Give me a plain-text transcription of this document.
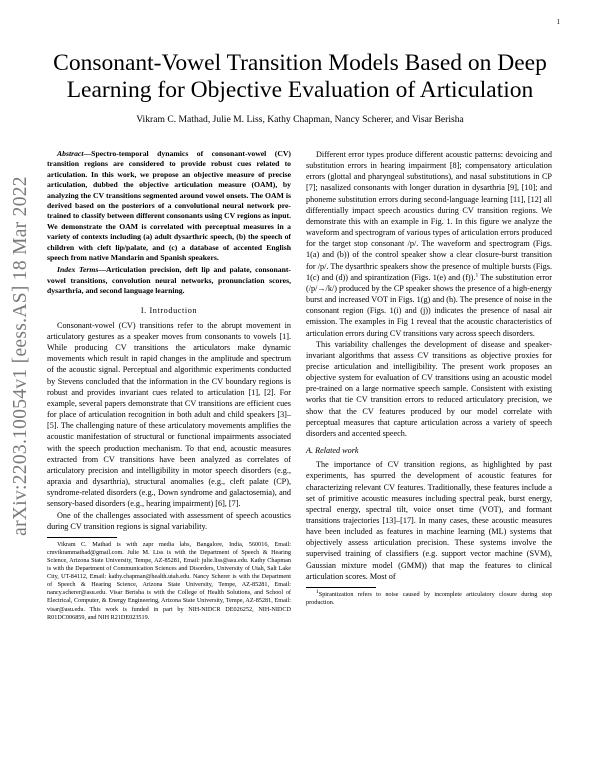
1
arXiv:2203.10054v1 [eess.AS] 18 Mar 2022
Consonant-Vowel Transition Models Based on Deep Learning for Objective Evaluation of Articulation
Vikram C. Mathad, Julie M. Liss, Kathy Chapman, Nancy Scherer, and Visar Berisha

Abstract—Spectro-temporal dynamics of consonant-vowel (CV) transition regions are considered to provide robust cues related to articulation. In this work, we propose an objective measure of precise articulation, dubbed the objective articulation measure (OAM), by analyzing the CV transitions segmented around vowel onsets. The OAM is derived based on the posteriors of a convolutional neural network pre-trained to classify between different consonants using CV regions as input. We demonstrate the OAM is correlated with perceptual measures in a variety of contexts including (a) adult dysarthric speech, (b) the speech of children with cleft lip/palate, and (c) a database of accented English speech from native Mandarin and Spanish speakers.

Index Terms—Articulation precision, deft lip and palate, consonant-vowel transitions, convolution neural networks, pronunciation scores, dysarthria, and second language learning.

I. Introduction

Consonant-vowel (CV) transitions refer to the abrupt movement in articulatory gestures as a speaker moves from consonants to vowels [1]. While producing CV transitions the articulators make dynamic movements which result in rapid changes in the amplitude and spectrum of the acoustic signal. Perceptual and algorithmic experiments conducted by Stevens concluded that the information in the CV boundary regions is robust and provides invariant cues related to articulation [1], [2]. For example, several papers demonstrate that CV transitions are efficient cues for place of articulation recognition in both adult and child speakers [3]–[5]. The challenging nature of these articulatory movements amplifies the acoustic manifestation of structural or functional impairments associated with the speech production mechanism. To that end, acoustic measures extracted from CV transitions have been analyzed as correlates of articulatory precision and intelligibility in motor speech disorders (e.g., apraxia and dysarthria), structural anomalies (e.g., cleft palate (CP), syndrome-related disorders (e.g., Down syndrome and galactosemia), and sensory-based disorders (e.g., hearing impairment) [6], [7].

One of the challenges associated with assessment of speech acoustics during CV transition regions is signal variability.

Vikram C. Mathad is with zapr media labs, Bangalore, India, 560016, Email: cmvikrammathad@gmail.com. Julie M. Liss is with the Department of Speech & Hearing Science, Arizona State University, Tempe, AZ-85281, Email: julie.liss@asu.edu. Kathy Chapman is with the Department of Communication Sciences and Disorders, University of Utah, Salt Lake City, UT-84112, Email: kathy.chapman@health.utah.edu. Nancy Scherer is with the Department of Speech & Hearing Science, Arizona State University, Tempe, AZ-85281, Email: nancy.scherer@asu.edu. Visar Berisha is with the College of Health Solutions, and School of Electrical, Computer, & Energy Engineering, Arizona State University, Tempe, AZ-85281, Email: visar@asu.edu. This work is funded in part by NIH-NIDCR DE026252, NIH-NIDCD R01DC006859, and NIH R21DE023519.

Different error types produce different acoustic patterns: devoicing and substitution errors in hearing impairment [8]; compensatory articulation errors (glottal and pharyngeal substitutions), and nasal substitutions in CP [7]; nasalized consonants with longer duration in dysarthria [9], [10]; and phoneme substitution errors during second-language learning [11], [12] all differentially impact speech acoustics during CV transition regions. We demonstrate this with an example in Fig. 1. In this figure we analyze the waveform and spectrogram of various types of articulation errors produced for the target stop consonant /p/. The waveform and spectrogram (Figs. 1(a) and (b)) of the control speaker show a clear closure-burst transition for /p/. The dysarthric speakers show the presence of multiple bursts (Figs. 1(c) and (d)) and spirantization (Figs. 1(e) and (f)).$^1$ The substitution error (/p/→/k/) produced by the CP speaker shows the presence of a high-energy burst and increased VOT in Figs. 1(g) and (h). The presence of noise in the consonant region (Figs. 1(i) and (j)) indicates the presence of nasal air emission. The examples in Fig 1 reveal that the acoustic characteristics of articulation errors during CV transitions vary across speech disorders.

This variability challenges the development of disease and speaker-invariant algorithms that assess CV transitions as objective proxies for precise articulation and intelligibility. The present work proposes an objective system for evaluation of CV transitions using an acoustic model pre-trained on a large normative speech sample. Consistent with existing works that tie CV transition errors to reduced articulatory precision, we show that the CV features produced by our model correlate with perceptual measures that capture articulation across a variety of speech disorders and accented speech.

A. Related work

The importance of CV transition regions, as highlighted by past experiments, has spurred the development of acoustic features for characterizing relevant CV features. Traditionally, these features include a set of primitive acoustic measures including spectral peak, burst energy, spectral energy, spectral tilt, voice onset time (VOT), and formant transitions trajectories [13]–[17]. In many cases, these acoustic measures have been included as features in machine learning (ML) systems that objectively assess articulation precision. These systems involve the supervised training of classifiers (e.g. support vector machine (SVM), Gaussian mixture model (GMM)) that map the features to clinical articulation scores. Most of

1Spirantization refers to noise caused by incomplete articulatory closure during stop production.
